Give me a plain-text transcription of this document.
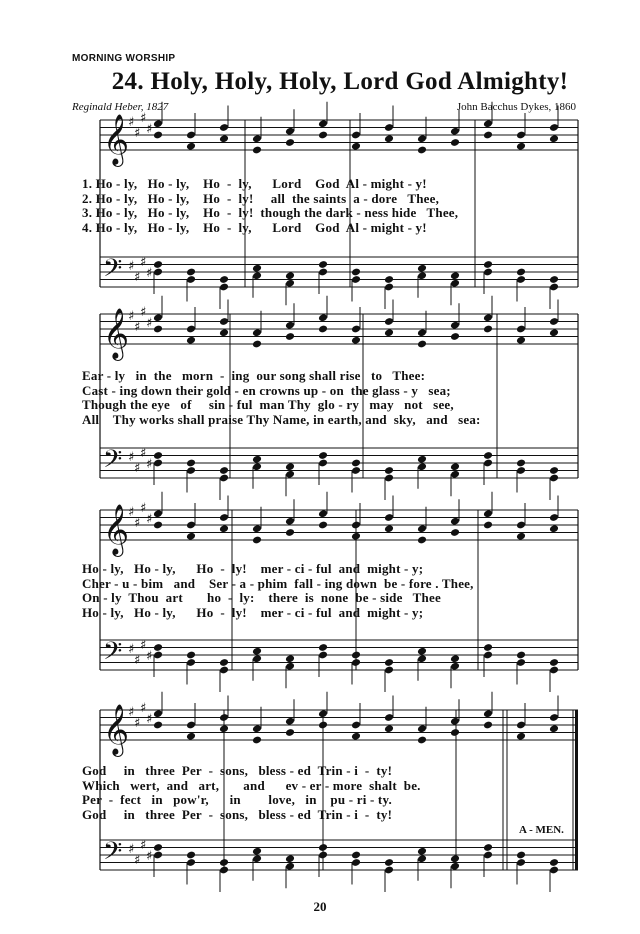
MORNING WORSHIP
24. Holy, Holy, Holy, Lord God Almighty!
Reginald Heber, 1827	John Bacchus Dykes, 1860
𝄞
♯
♯
♯
♯
𝄢 ♯
♯
♯
♯
𝄞
♯
♯
♯
♯
𝄢 ♯
♯
♯
♯
𝄞
♯
♯
♯
♯
𝄢 ♯
♯
♯
♯
𝄞
♯
♯
♯
♯
𝄢 ♯
♯
♯
♯
1. Ho - ly,   Ho - ly,    Ho  -  ly,      Lord    God  Al - might - y!
2. Ho - ly,   Ho - ly,    Ho  -  ly!     all  the saints  a - dore   Thee,
3. Ho - ly,   Ho - ly,    Ho  -  ly!  though the dark - ness hide   Thee,
4. Ho - ly,   Ho - ly,    Ho  -  ly,      Lord    God  Al - might - y!
Ear - ly   in  the   morn  -  ing  our song shall rise   to   Thee:
Cast - ing down their gold - en crowns up - on  the glass - y   sea;
Though the eye   of     sin - ful  man Thy  glo - ry   may   not   see,
All    Thy works shall praise Thy Name, in earth, and  sky,   and   sea:
Ho - ly,   Ho - ly,      Ho  -  ly!    mer - ci - ful  and  might - y;
Cher - u - bim   and    Ser - a - phim  fall - ing down  be - fore . Thee,
On - ly  Thou  art       ho  -  ly:    there  is  none  be - side   Thee
Ho - ly,   Ho - ly,      Ho  -  ly!    mer - ci - ful  and  might - y;
God     in   three  Per  -  sons,   bless - ed  Trin - i  -  ty!
Which   wert,  and   art,       and      ev - er - more  shalt  be.
Per  -  fect   in   pow'r,      in        love,   in    pu - ri - ty.
God     in   three  Per  -  sons,   bless - ed  Trin - i  -  ty!
A - MEN.
20
